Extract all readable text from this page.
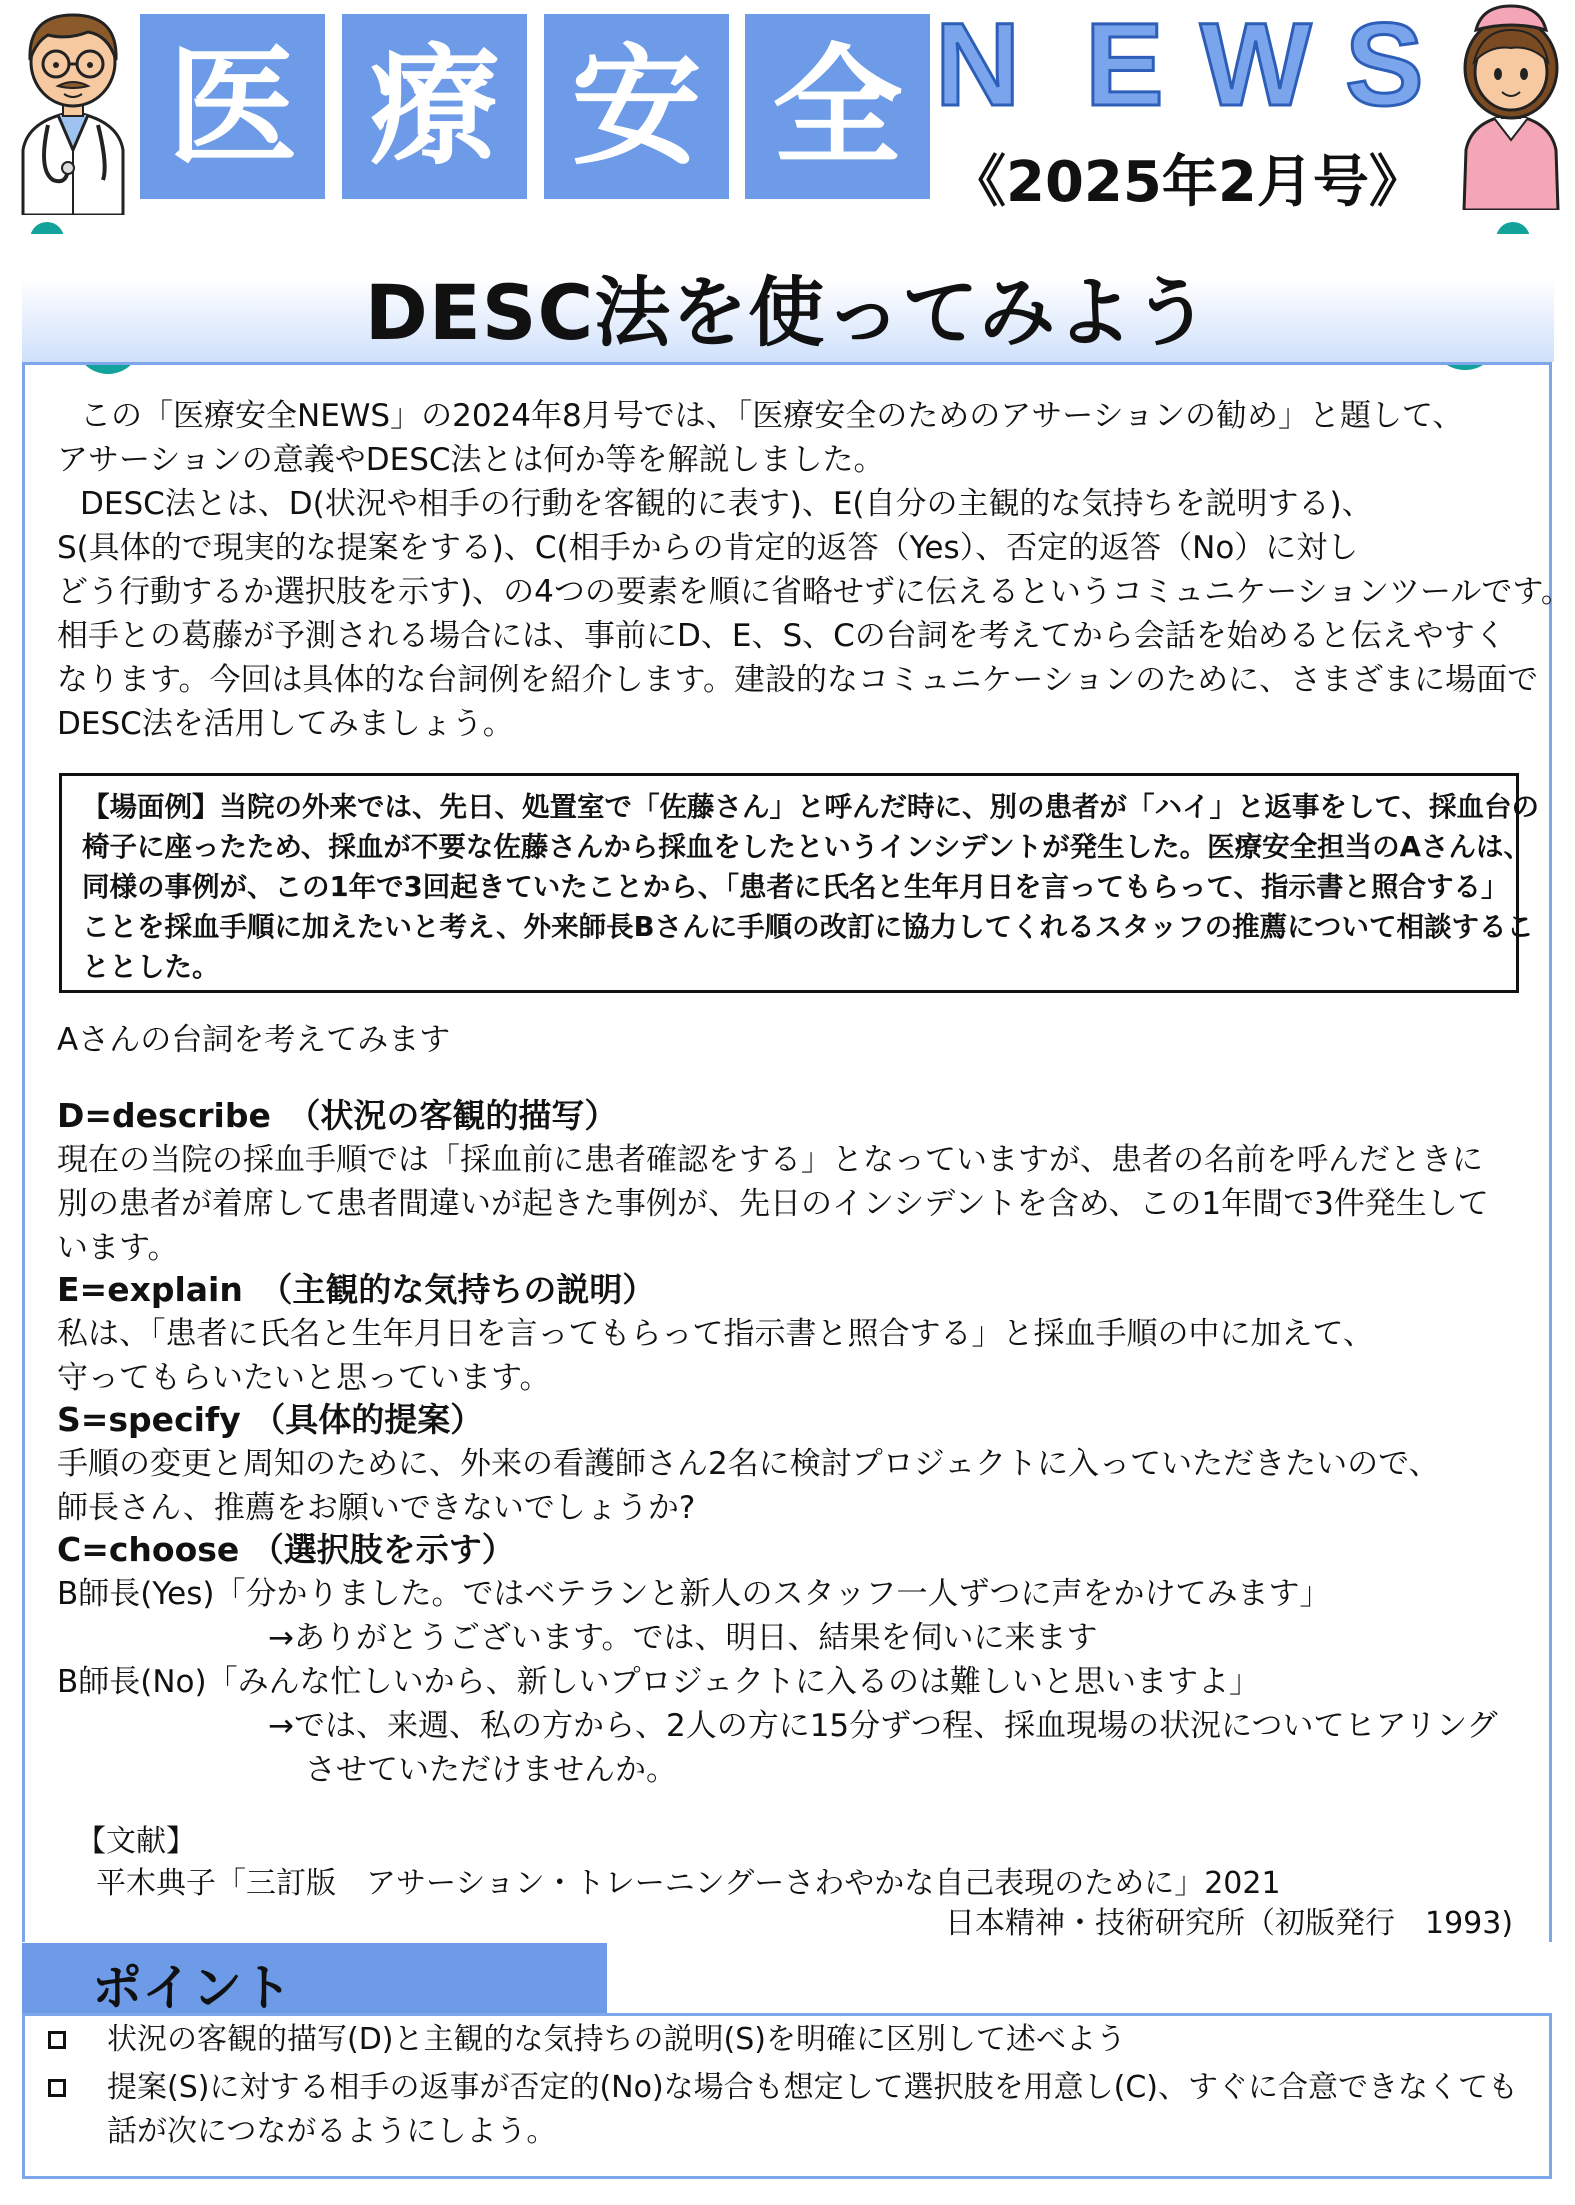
医 療 安 全 N E W S
《2025年2月号》
DESC法を使ってみよう
この「医療安全NEWS」の2024年8月号では、「医療安全のためのアサーションの勧め」と題して、
アサーションの意義やDESC法とは何か等を解説しました。
DESC法とは、D(状況や相手の行動を客観的に表す)、E(自分の主観的な気持ちを説明する)、
S(具体的で現実的な提案をする)、C(相手からの肯定的返答（Yes）、否定的返答（No）に対し
どう行動するか選択肢を示す)、の4つの要素を順に省略せずに伝えるというコミュニケーションツールです。
相手との葛藤が予測される場合には、事前にD、E、S、Cの台詞を考えてから会話を始めると伝えやすく
なります。今回は具体的な台詞例を紹介します。建設的なコミュニケーションのために、さまざまに場面で
DESC法を活用してみましょう。
【場面例】当院の外来では、先日、処置室で「佐藤さん」と呼んだ時に、別の患者が「ハイ」と返事をして、採血台の
椅子に座ったため、採血が不要な佐藤さんから採血をしたというインシデントが発生した。医療安全担当のAさんは、
同様の事例が、この1年で3回起きていたことから、「患者に氏名と生年月日を言ってもらって、指示書と照合する」
ことを採血手順に加えたいと考え、外来師長Bさんに手順の改訂に協力してくれるスタッフの推薦について相談するこ
ととした。
Aさんの台詞を考えてみます
D=describe　（状況の客観的描写）
現在の当院の採血手順では「採血前に患者確認をする」となっていますが、患者の名前を呼んだときに
別の患者が着席して患者間違いが起きた事例が、先日のインシデントを含め、この1年間で3件発生して
います。
E=explain　（主観的な気持ちの説明）
私は、「患者に氏名と生年月日を言ってもらって指示書と照合する」と採血手順の中に加えて、
守ってもらいたいと思っています。
S=specify （具体的提案）
手順の変更と周知のために、外来の看護師さん2名に検討プロジェクトに入っていただきたいので、
師長さん、推薦をお願いできないでしょうか?
C=choose （選択肢を示す）
B師長(Yes)「分かりました。ではベテランと新人のスタッフ一人ずつに声をかけてみます」
→ありがとうございます。では、明日、結果を伺いに来ます
B師長(No)「みんな忙しいから、新しいプロジェクトに入るのは難しいと思いますよ」
→では、来週、私の方から、2人の方に15分ずつ程、採血現場の状況についてヒアリング
させていただけませんか。
【文献】
平木典子「三訂版　アサーション・トレーニングーさわやかな自己表現のために」2021
日本精神・技術研究所（初版発行　1993)
ポイント
状況の客観的描写(D)と主観的な気持ちの説明(S)を明確に区別して述べよう
提案(S)に対する相手の返事が否定的(No)な場合も想定して選択肢を用意し(C)、すぐに合意できなくても
話が次につながるようにしよう。
